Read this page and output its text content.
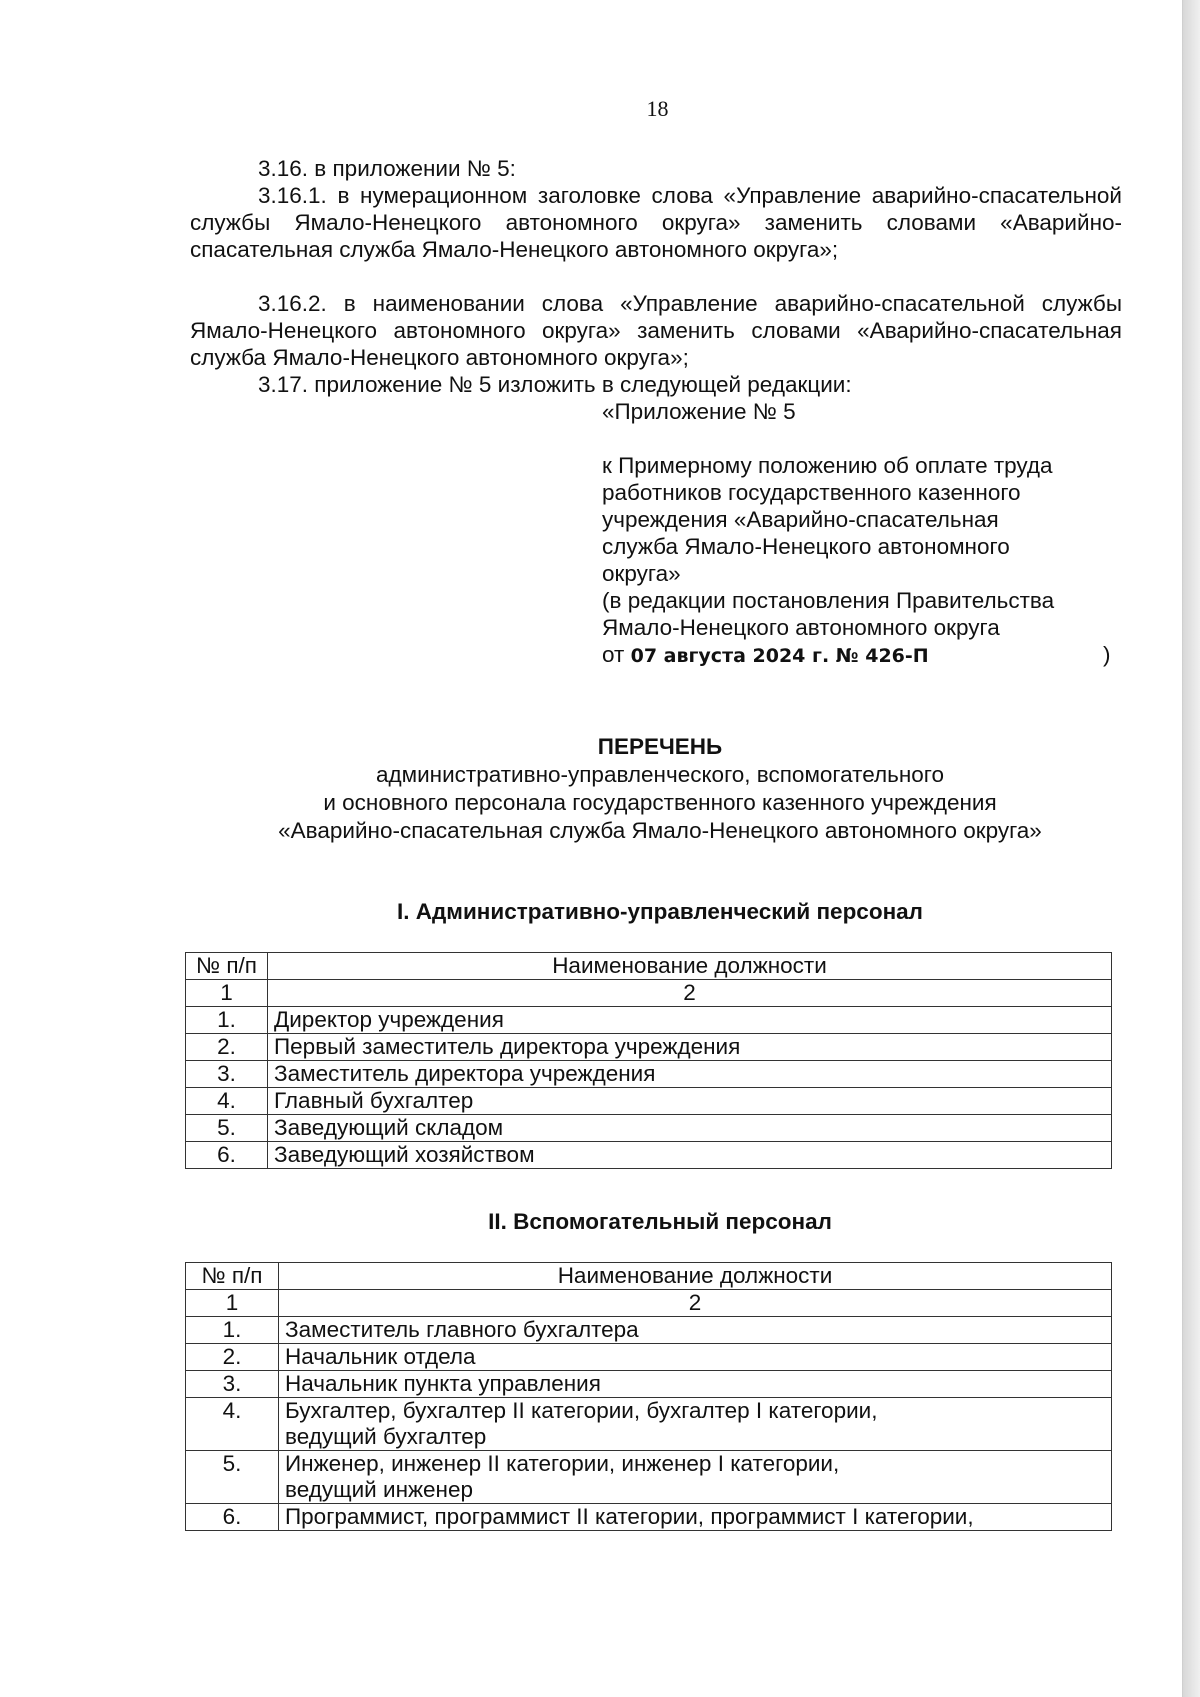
18
3.16. в приложении № 5:
3.16.1. в нумерационном заголовке слова «Управление аварийно-спасательной службы Ямало-Ненецкого автономного округа» заменить словами «Аварийно-спасательная служба Ямало-Ненецкого автономного округа»;
3.16.2. в наименовании слова «Управление аварийно-спасательной службы Ямало-Ненецкого автономного округа» заменить словами «Аварийно-спасательная служба Ямало-Ненецкого автономного округа»;
3.17. приложение № 5 изложить в следующей редакции:
«Приложение № 5
к Примерному положению об оплате труда
работников государственного казенного
учреждения «Аварийно-спасательная
служба Ямало-Ненецкого автономного
округа»
(в редакции постановления Правительства
Ямало-Ненецкого автономного округа
от 07 августа 2024 г. № 426-П	)
ПЕРЕЧЕНЬ
административно-управленческого, вспомогательного
и основного персонала государственного казенного учреждения
«Аварийно-спасательная служба Ямало-Ненецкого автономного округа»
I. Административно-управленческий персонал
№ п/п	Наименование должности
1	2
1.	Директор учреждения
2.	Первый заместитель директора учреждения
3.	Заместитель директора учреждения
4.	Главный бухгалтер
5.	Заведующий складом
6.	Заведующий хозяйством
II. Вспомогательный персонал
№ п/п	Наименование должности
1	2
1.	Заместитель главного бухгалтера
2.	Начальник отдела
3.	Начальник пункта управления
4.	Бухгалтер, бухгалтер II категории, бухгалтер I категории,
ведущий бухгалтер

5.	Инженер, инженер II категории, инженер I категории,
ведущий инженер

6.	Программист, программист II категории, программист I категории,
